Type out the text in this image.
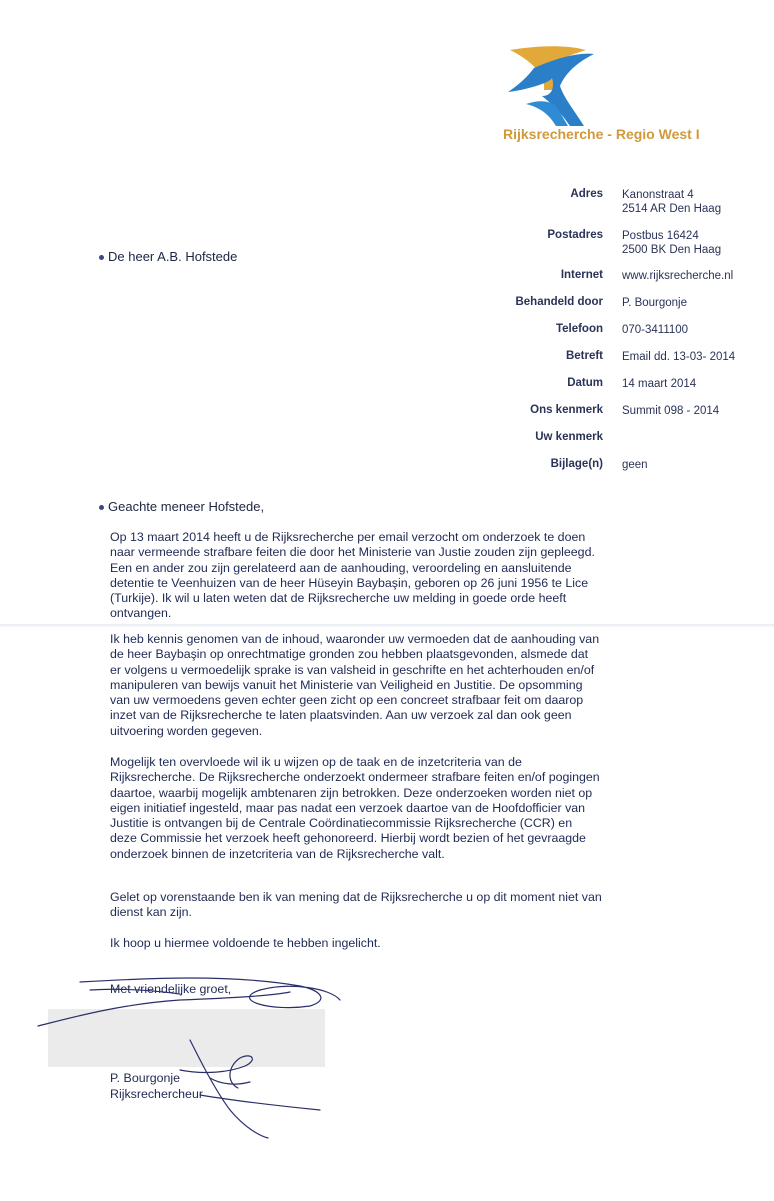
Rijksrecherche - Regio West I
Adres Kanonstraat 4
2514 AR Den Haag
Postadres Postbus 16424
2500 BK Den Haag
Internet www.rijksrecherche.nl
Behandeld door P. Bourgonje
Telefoon 070-3411100
Betreft Email dd. 13-03- 2014
Datum 14 maart 2014
Ons kenmerk Summit 098 - 2014
Uw kenmerk
Bijlage(n) geen
De heer A.B. Hofstede
Geachte meneer Hofstede,

Op 13 maart 2014 heeft u de Rijksrecherche per email verzocht om onderzoek te doen naar vermeende strafbare feiten die door het Ministerie van Justie zouden zijn gepleegd. Een en ander zou zijn gerelateerd aan de aanhouding, veroordeling en aansluitende detentie te Veenhuizen van de heer Hüseyin Baybaşin, geboren op 26 juni 1956 te Lice (Turkije). Ik wil u laten weten dat de Rijksrecherche uw melding in goede orde heeft ontvangen.

Ik heb kennis genomen van de inhoud, waaronder uw vermoeden dat de aanhouding van de heer Baybaşin op onrechtmatige gronden zou hebben plaatsgevonden, alsmede dat er volgens u vermoedelijk sprake is van valsheid in geschrifte en het achterhouden en/of manipuleren van bewijs vanuit het Ministerie van Veiligheid en Justitie. De opsomming van uw vermoedens geven echter geen zicht op een concreet strafbaar feit om daarop inzet van de Rijksrecherche te laten plaatsvinden. Aan uw verzoek zal dan ook geen uitvoering worden gegeven.

Mogelijk ten overvloede wil ik u wijzen op de taak en de inzetcriteria van de Rijksrecherche. De Rijksrecherche onderzoekt ondermeer strafbare feiten en/of pogingen daartoe, waarbij mogelijk ambtenaren zijn betrokken. Deze onderzoeken worden niet op eigen initiatief ingesteld, maar pas nadat een verzoek daartoe van de Hoofdofficier van Justitie is ontvangen bij de Centrale Coördinatiecommissie Rijksrecherche (CCR) en deze Commissie het verzoek heeft gehonoreerd. Hierbij wordt bezien of het gevraagde onderzoek binnen de inzetcriteria van de Rijksrecherche valt.

Gelet op vorenstaande ben ik van mening dat de Rijksrecherche u op dit moment niet van dienst kan zijn.

Ik hoop u hiermee voldoende te hebben ingelicht.

Met vriendelijke groet,
P. Bourgonje
Rijksrechercheur
